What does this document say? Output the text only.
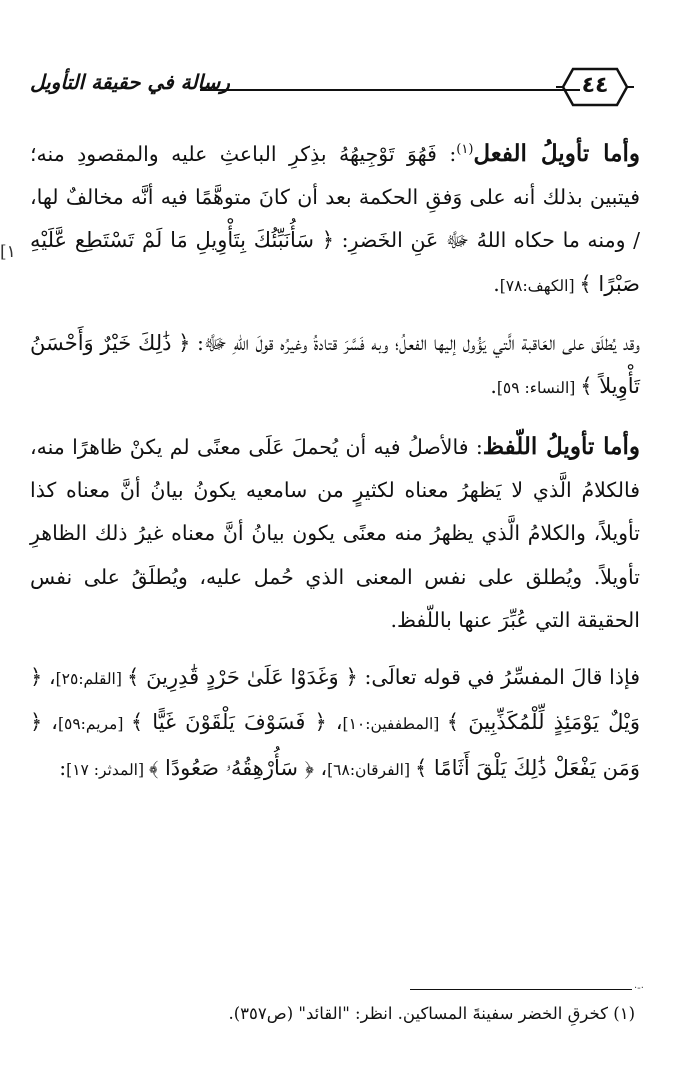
رسالة في حقيقة التأويل	٤٤
[١

وأما تأويلُ الفعل$^{(١)}$: فَهُوَ تَوْجِيهُهُ بذِكرِ الباعثِ عليه والمقصودِ منه؛ فيتبين بذلك أنه على وَفقِ الحكمة بعد أن كانَ متوهَّمًا فيه أنَّه مخالفٌ لها، / ومنه ما حكاه اللهُ ﷻ عَنِ الخَضرِ: ﴿ سَأُنَبِّئُكَ بِتَأْوِيلِ مَا لَمْ تَسْتَطِع عَّلَيْهِ صَبْرًا ﴾ [الكهف:٧٨].

وقد يُطلَق على العَاقبة الَّتي يَؤُول إليها الفعلُ؛ وبه فَسَّرَ قتادةُ وغيرُه قولَ اللهِ ﷻ: ﴿ ذَٰلِكَ خَيْرٌ وَأَحْسَنُ تَأْوِيلاً ﴾ [النساء: ٥٩].

وأما تأويلُ اللّفظ: فالأصلُ فيه أن يُحملَ عَلَى معنًى لم يكنْ ظاهرًا منه، فالكلامُ الَّذي لا يَظهرُ معناه لكثيرٍ من سامعيه يكونُ بيانُ أنَّ معناه كذا تأويلاً، والكلامُ الَّذي يظهرُ منه معنًى يكون بيانُ أنَّ معناه غيرُ ذلك الظاهرِ تأويلاً. ويُطلق على نفس المعنى الذي حُمل عليه، ويُطلَقُ على نفس الحقيقة التي عُبِّرَ عنها باللّفظ.

فإذا قالَ المفسِّرُ في قوله تعالَى: ﴿ وَغَدَوْا عَلَىٰ حَرْدٍ قَٰدِرِينَ ﴾ [القلم:٢٥]، ﴿ وَيْلٌ يَوْمَئِذٍ لِّلْمُكَذِّبِينَ ﴾ [المطففين:١٠]، ﴿ فَسَوْفَ يَلْقَوْنَ غَيًّا ﴾ [مريم:٥٩]، ﴿ وَمَن يَفْعَلْ ذَٰلِكَ يَلْقَ أَثَامًا ﴾ [الفرقان:٦٨]، ﴿ سَأُرْهِقُهُۥ صَعُودًا ﴾ [المدثر: ١٧]:

·-·
(١) كخرقِ الخضر سفينةَ المساكين. انظر: "القائد" (ص٣٥٧).
